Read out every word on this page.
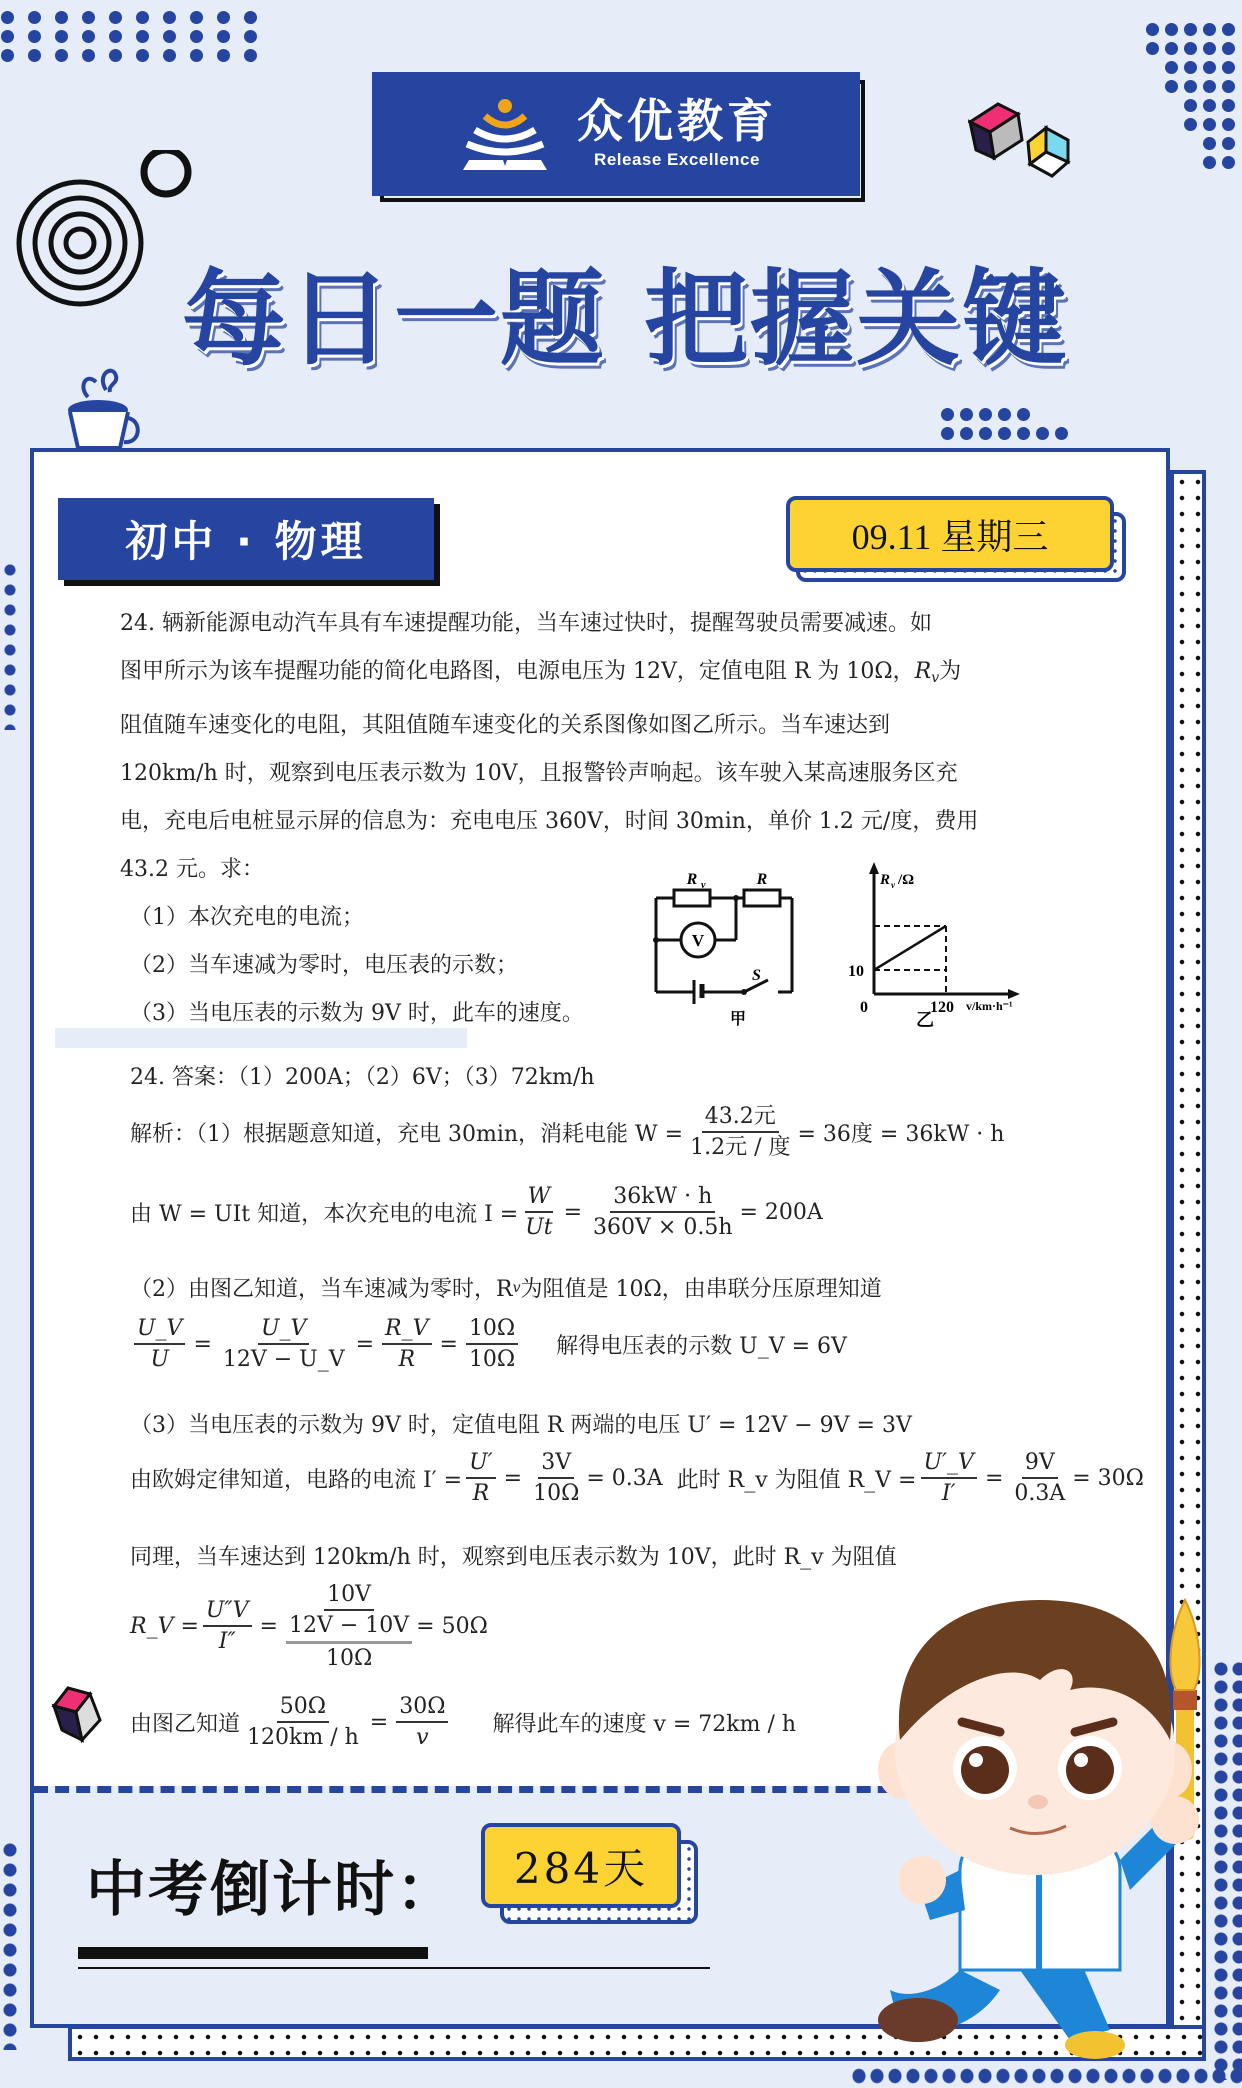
众优教育
Release Excellence
每日一题 把握关键
初中 · 物理	09.11 星期三

24. 辆新能源电动汽车具有车速提醒功能，当车速过快时，提醒驾驶员需要减速。如

图甲所示为该车提醒功能的简化电路图，电源电压为 12V，定值电阻 R 为 10Ω，$R_v$为

阻值随车速变化的电阻，其阻值随车速变化的关系图像如图乙所示。当车速达到

120km/h 时，观察到电压表示数为 10V，且报警铃声响起。该车驶入某高速服务区充

电，充电后电桩显示屏的信息为：充电电压 360V，时间 30min，单价 1.2 元/度，费用

43.2 元。求：

（1）本次充电的电流；

（2）当车速减为零时，电压表的示数；

（3）当电压表的示数为 9V 时，此车的速度。

R v	R
V
S
甲
R v /Ω
10
0	120 v/km·h⁻¹
乙
24. 答案：（1）200A；（2）6V；（3）72km/h
解析：（1）根据题意知道，充电 30min，消耗电能 $W = \frac{\text{43.2元}}{\text{1.2元 / 度}} = 36$度 = 36kW · h
由 W = UIt 知道，本次充电的电流 $I = \frac{W}{Ut} = \frac{36kW \cdot h}{360V \times 0.5h} = 200A$
（2）由图乙知道，当车速减为零时，R v 为阻值是 10Ω，由串联分压原理知道
$\frac{U\_V}{U} = \frac{U\_V}{12V - U\_V} = \frac{R\_V}{R} = \frac{10\Omega}{10\Omega}$ 解得电压表的示数 U_V = 6V
（3）当电压表的示数为 9V 时，定值电阻 R 两端的电压 U′ = 12V − 9V = 3V
由欧姆定律知道，电路的电流 $I' = \frac{U'}{R} = \frac{3V}{10\Omega} = 0.3A$ 此时 R_v 为阻值 R_V = $\frac{U'\_V}{I'} = \frac{9V}{0.3A} = 30\Omega$
同理，当车速达到 120km/h 时，观察到电压表示数为 10V，此时 R_v 为阻值
R_V = $\frac{U''V}{I''}$ =
10V
12V − 10V
10Ω
= 50Ω
由图乙知道 $\frac{50\Omega}{120km / h} = \frac{30\Omega}{v}$ 解得此车的速度 v = 72km / h
中考倒计时：	284天
